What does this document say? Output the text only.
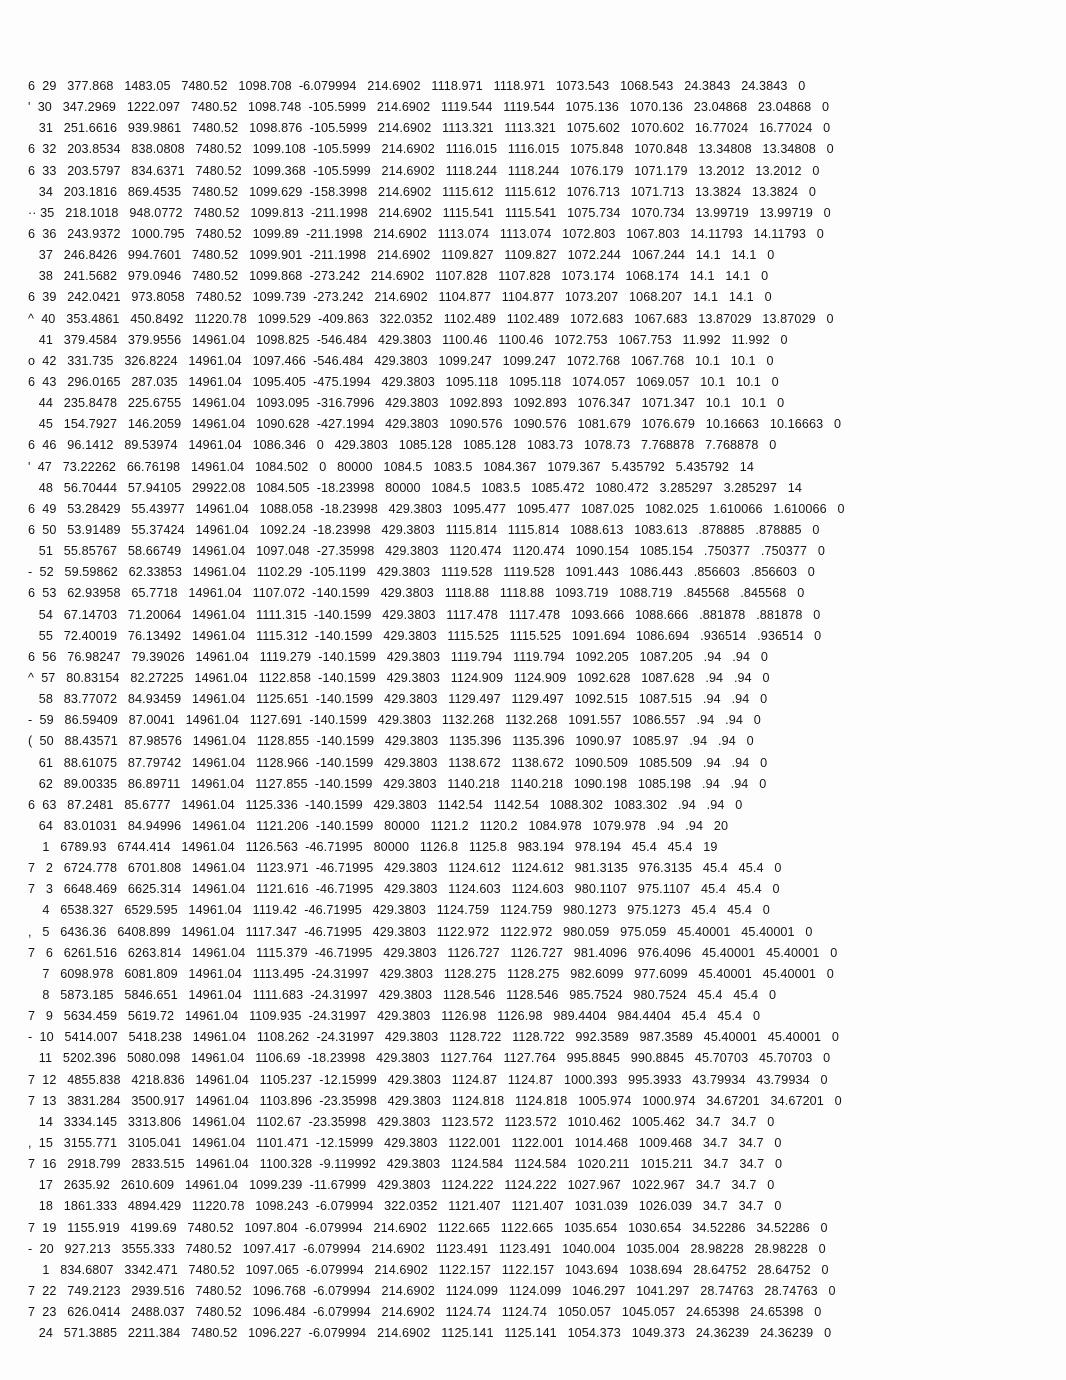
6  29   377.868   1483.05   7480.52   1098.708  -6.079994   214.6902   1118.971   1118.971   1073.543   1068.543   24.3843   24.3843   0
'  30   347.2969   1222.097   7480.52   1098.748  -105.5999   214.6902   1119.544   1119.544   1075.136   1070.136   23.04868   23.04868   0
31   251.6616   939.9861   7480.52   1098.876  -105.5999   214.6902   1113.321   1113.321   1075.602   1070.602   16.77024   16.77024   0
6  32   203.8534   838.0808   7480.52   1099.108  -105.5999   214.6902   1116.015   1116.015   1075.848   1070.848   13.34808   13.34808   0
6  33   203.5797   834.6371   7480.52   1099.368  -105.5999   214.6902   1118.244   1118.244   1076.179   1071.179   13.2012   13.2012   0
34   203.1816   869.4535   7480.52   1099.629  -158.3998   214.6902   1115.612   1115.612   1076.713   1071.713   13.3824   13.3824   0
·· 35   218.1018   948.0772   7480.52   1099.813  -211.1998   214.6902   1115.541   1115.541   1075.734   1070.734   13.99719   13.99719   0
6  36   243.9372   1000.795   7480.52   1099.89  -211.1998   214.6902   1113.074   1113.074   1072.803   1067.803   14.11793   14.11793   0
37   246.8426   994.7601   7480.52   1099.901  -211.1998   214.6902   1109.827   1109.827   1072.244   1067.244   14.1   14.1   0
38   241.5682   979.0946   7480.52   1099.868  -273.242   214.6902   1107.828   1107.828   1073.174   1068.174   14.1   14.1   0
6  39   242.0421   973.8058   7480.52   1099.739  -273.242   214.6902   1104.877   1104.877   1073.207   1068.207   14.1   14.1   0
^  40   353.4861   450.8492   11220.78   1099.529  -409.863   322.0352   1102.489   1102.489   1072.683   1067.683   13.87029   13.87029   0
41   379.4584   379.9556   14961.04   1098.825  -546.484   429.3803   1100.46   1100.46   1072.753   1067.753   11.992   11.992   0
o  42   331.735   326.8224   14961.04   1097.466  -546.484   429.3803   1099.247   1099.247   1072.768   1067.768   10.1   10.1   0
6  43   296.0165   287.035   14961.04   1095.405  -475.1994   429.3803   1095.118   1095.118   1074.057   1069.057   10.1   10.1   0
44   235.8478   225.6755   14961.04   1093.095  -316.7996   429.3803   1092.893   1092.893   1076.347   1071.347   10.1   10.1   0
45   154.7927   146.2059   14961.04   1090.628  -427.1994   429.3803   1090.576   1090.576   1081.679   1076.679   10.16663   10.16663   0
6  46   96.1412   89.53974   14961.04   1086.346   0   429.3803   1085.128   1085.128   1083.73   1078.73   7.768878   7.768878   0
'  47   73.22262   66.76198   14961.04   1084.502   0   80000   1084.5   1083.5   1084.367   1079.367   5.435792   5.435792   14
48   56.70444   57.94105   29922.08   1084.505  -18.23998   80000   1084.5   1083.5   1085.472   1080.472   3.285297   3.285297   14
6  49   53.28429   55.43977   14961.04   1088.058  -18.23998   429.3803   1095.477   1095.477   1087.025   1082.025   1.610066   1.610066   0
6  50   53.91489   55.37424   14961.04   1092.24  -18.23998   429.3803   1115.814   1115.814   1088.613   1083.613   .878885   .878885   0
51   55.85767   58.66749   14961.04   1097.048  -27.35998   429.3803   1120.474   1120.474   1090.154   1085.154   .750377   .750377   0
-  52   59.59862   62.33853   14961.04   1102.29  -105.1199   429.3803   1119.528   1119.528   1091.443   1086.443   .856603   .856603   0
6  53   62.93958   65.7718   14961.04   1107.072  -140.1599   429.3803   1118.88   1118.88   1093.719   1088.719   .845568   .845568   0
54   67.14703   71.20064   14961.04   1111.315  -140.1599   429.3803   1117.478   1117.478   1093.666   1088.666   .881878   .881878   0
55   72.40019   76.13492   14961.04   1115.312  -140.1599   429.3803   1115.525   1115.525   1091.694   1086.694   .936514   .936514   0
6  56   76.98247   79.39026   14961.04   1119.279  -140.1599   429.3803   1119.794   1119.794   1092.205   1087.205   .94   .94   0
^  57   80.83154   82.27225   14961.04   1122.858  -140.1599   429.3803   1124.909   1124.909   1092.628   1087.628   .94   .94   0
58   83.77072   84.93459   14961.04   1125.651  -140.1599   429.3803   1129.497   1129.497   1092.515   1087.515   .94   .94   0
-  59   86.59409   87.0041   14961.04   1127.691  -140.1599   429.3803   1132.268   1132.268   1091.557   1086.557   .94   .94   0
(  50   88.43571   87.98576   14961.04   1128.855  -140.1599   429.3803   1135.396   1135.396   1090.97   1085.97   .94   .94   0
61   88.61075   87.79742   14961.04   1128.966  -140.1599   429.3803   1138.672   1138.672   1090.509   1085.509   .94   .94   0
62   89.00335   86.89711   14961.04   1127.855  -140.1599   429.3803   1140.218   1140.218   1090.198   1085.198   .94   .94   0
6  63   87.2481   85.6777   14961.04   1125.336  -140.1599   429.3803   1142.54   1142.54   1088.302   1083.302   .94   .94   0
64   83.01031   84.94996   14961.04   1121.206  -140.1599   80000   1121.2   1120.2   1084.978   1079.978   .94   .94   20
1   6789.93   6744.414   14961.04   1126.563  -46.71995   80000   1126.8   1125.8   983.194   978.194   45.4   45.4   19
7   2   6724.778   6701.808   14961.04   1123.971  -46.71995   429.3803   1124.612   1124.612   981.3135   976.3135   45.4   45.4   0
7   3   6648.469   6625.314   14961.04   1121.616  -46.71995   429.3803   1124.603   1124.603   980.1107   975.1107   45.4   45.4   0
4   6538.327   6529.595   14961.04   1119.42  -46.71995   429.3803   1124.759   1124.759   980.1273   975.1273   45.4   45.4   0
,   5   6436.36   6408.899   14961.04   1117.347  -46.71995   429.3803   1122.972   1122.972   980.059   975.059   45.40001   45.40001   0
7   6   6261.516   6263.814   14961.04   1115.379  -46.71995   429.3803   1126.727   1126.727   981.4096   976.4096   45.40001   45.40001   0
7   6098.978   6081.809   14961.04   1113.495  -24.31997   429.3803   1128.275   1128.275   982.6099   977.6099   45.40001   45.40001   0
8   5873.185   5846.651   14961.04   1111.683  -24.31997   429.3803   1128.546   1128.546   985.7524   980.7524   45.4   45.4   0
7   9   5634.459   5619.72   14961.04   1109.935  -24.31997   429.3803   1126.98   1126.98   989.4404   984.4404   45.4   45.4   0
-  10   5414.007   5418.238   14961.04   1108.262  -24.31997   429.3803   1128.722   1128.722   992.3589   987.3589   45.40001   45.40001   0
11   5202.396   5080.098   14961.04   1106.69  -18.23998   429.3803   1127.764   1127.764   995.8845   990.8845   45.70703   45.70703   0
7  12   4855.838   4218.836   14961.04   1105.237  -12.15999   429.3803   1124.87   1124.87   1000.393   995.3933   43.79934   43.79934   0
7  13   3831.284   3500.917   14961.04   1103.896  -23.35998   429.3803   1124.818   1124.818   1005.974   1000.974   34.67201   34.67201   0
14   3334.145   3313.806   14961.04   1102.67  -23.35998   429.3803   1123.572   1123.572   1010.462   1005.462   34.7   34.7   0
,  15   3155.771   3105.041   14961.04   1101.471  -12.15999   429.3803   1122.001   1122.001   1014.468   1009.468   34.7   34.7   0
7  16   2918.799   2833.515   14961.04   1100.328  -9.119992   429.3803   1124.584   1124.584   1020.211   1015.211   34.7   34.7   0
17   2635.92   2610.609   14961.04   1099.239  -11.67999   429.3803   1124.222   1124.222   1027.967   1022.967   34.7   34.7   0
18   1861.333   4894.429   11220.78   1098.243  -6.079994   322.0352   1121.407   1121.407   1031.039   1026.039   34.7   34.7   0
7  19   1155.919   4199.69   7480.52   1097.804  -6.079994   214.6902   1122.665   1122.665   1035.654   1030.654   34.52286   34.52286   0
-  20   927.213   3555.333   7480.52   1097.417  -6.079994   214.6902   1123.491   1123.491   1040.004   1035.004   28.98228   28.98228   0
1   834.6807   3342.471   7480.52   1097.065  -6.079994   214.6902   1122.157   1122.157   1043.694   1038.694   28.64752   28.64752   0
7  22   749.2123   2939.516   7480.52   1096.768  -6.079994   214.6902   1124.099   1124.099   1046.297   1041.297   28.74763   28.74763   0
7  23   626.0414   2488.037   7480.52   1096.484  -6.079994   214.6902   1124.74   1124.74   1050.057   1045.057   24.65398   24.65398   0
24   571.3885   2211.384   7480.52   1096.227  -6.079994   214.6902   1125.141   1125.141   1054.373   1049.373   24.36239   24.36239   0
